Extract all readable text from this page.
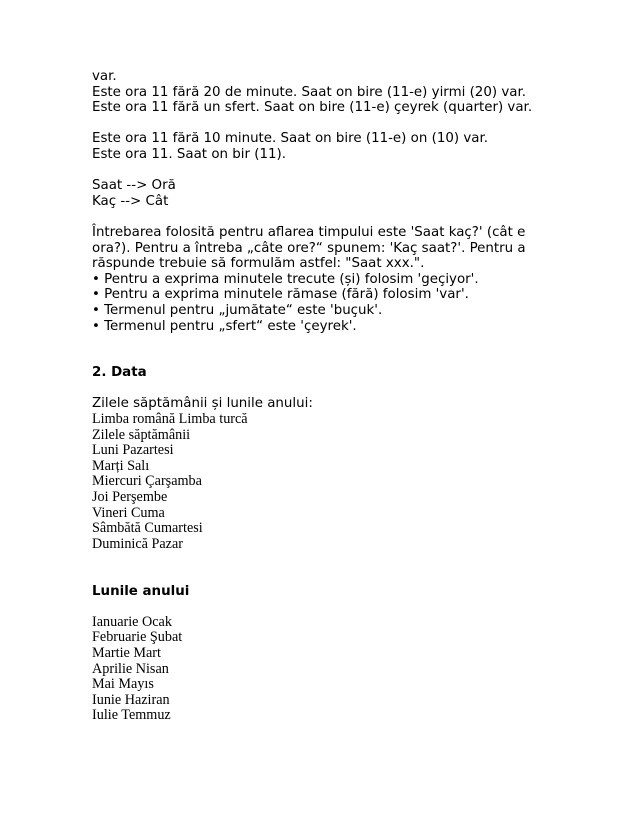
var.
Este ora 11 fără 20 de minute. Saat on bire (11-e) yirmi (20) var.
Este ora 11 fără un sfert. Saat on bire (11-e) çeyrek (quarter) var.
Este ora 11 fără 10 minute. Saat on bire (11-e) on (10) var.
Este ora 11. Saat on bir (11).
Saat --> Oră
Kaç --> Cât
Întrebarea folosită pentru aflarea timpului este 'Saat kaç?' (cât e
ora?). Pentru a întreba „câte ore?“ spunem: 'Kaç saat?'. Pentru a
răspunde trebuie să formulăm astfel: "Saat xxx.".
• Pentru a exprima minutele trecute (și) folosim 'geçiyor'.
• Pentru a exprima minutele rămase (fără) folosim 'var'.
• Termenul pentru „jumătate“ este 'buçuk'.
• Termenul pentru „sfert“ este 'çeyrek'.
2. Data
Zilele săptămânii și lunile anului:
Limba română Limba turcă
Zilele săptămânii
Luni Pazartesi
Marți Salı
Miercuri Çarşamba
Joi Perşembe
Vineri Cuma
Sâmbătă Cumartesi
Duminică Pazar
Lunile anului
Ianuarie Ocak
Februarie Şubat
Martie Mart
Aprilie Nisan
Mai Mayıs
Iunie Haziran
Iulie Temmuz
